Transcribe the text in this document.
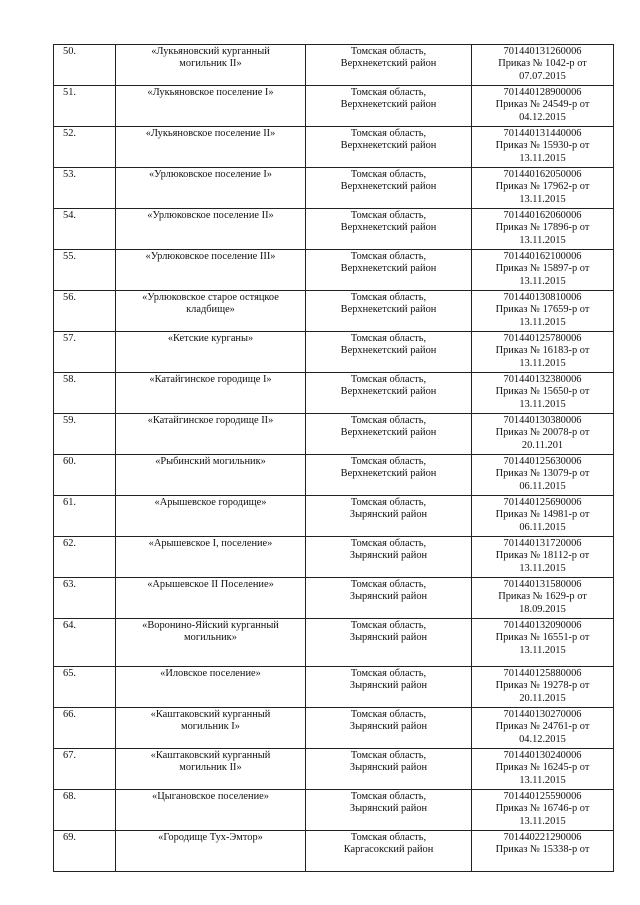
50.	«Лукьяновский курганный
могильник II»	Томская область,
Верхнекетский район	701440131260006
Приказ № 1042-р от
07.07.2015

51.	«Лукьяновское поселение I»	Томская область,
Верхнекетский район	701440128900006
Приказ № 24549-р от
04.12.2015

52.	«Лукьяновское поселение II»	Томская область,
Верхнекетский район	701440131440006
Приказ № 15930-р от
13.11.2015

53.	«Урлюковское поселение I»	Томская область,
Верхнекетский район	701440162050006
Приказ № 17962-р от
13.11.2015

54.	«Урлюковское поселение II»	Томская область,
Верхнекетский район	701440162060006
Приказ № 17896-р от
13.11.2015

55.	«Урлюковское поселение III»	Томская область,
Верхнекетский район	701440162100006
Приказ № 15897-р от
13.11.2015

56.	«Урлюковское старое остяцкое
кладбище»	Томская область,
Верхнекетский район	701440130810006
Приказ № 17659-р от
13.11.2015

57.	«Кетские курганы»	Томская область,
Верхнекетский район	701440125780006
Приказ № 16183-р от
13.11.2015

58.	«Катайгинское городище I»	Томская область,
Верхнекетский район	701440132380006
Приказ № 15650-р от
13.11.2015

59.	«Катайгинское городище II»	Томская область,
Верхнекетский район	701440130380006
Приказ № 20078-р от
20.11.201

60.	«Рыбинский могильник»	Томская область,
Верхнекетский район	701440125630006
Приказ № 13079-р от
06.11.2015

61.	«Арышевское городище»	Томская область,
Зырянский район	701440125690006
Приказ № 14981-р от
06.11.2015

62.	«Арышевское I, поселение»	Томская область,
Зырянский район	701440131720006
Приказ № 18112-р от
13.11.2015

63.	«Арышевское II Поселение»	Томская область,
Зырянский район	701440131580006
Приказ № 1629-р от
18.09.2015

64.	«Воронино-Яйский курганный
могильник»	Томская область,
Зырянский район	701440132090006
Приказ № 16551-р от
13.11.2015

65.	«Иловское поселение»	Томская область,
Зырянский район	701440125880006
Приказ № 19278-р от
20.11.2015

66.	«Каштаковский курганный
могильник I»	Томская область,
Зырянский район	701440130270006
Приказ № 24761-р от
04.12.2015

67.	«Каштаковский курганный
могильник II»	Томская область,
Зырянский район	701440130240006
Приказ № 16245-р от
13.11.2015

68.	«Цыгановское поселение»	Томская область,
Зырянский район	701440125590006
Приказ № 16746-р от
13.11.2015

69.	«Городище Тух-Эмтор»	Томская область,
Каргасокский район	701440221290006
Приказ № 15338-р от
